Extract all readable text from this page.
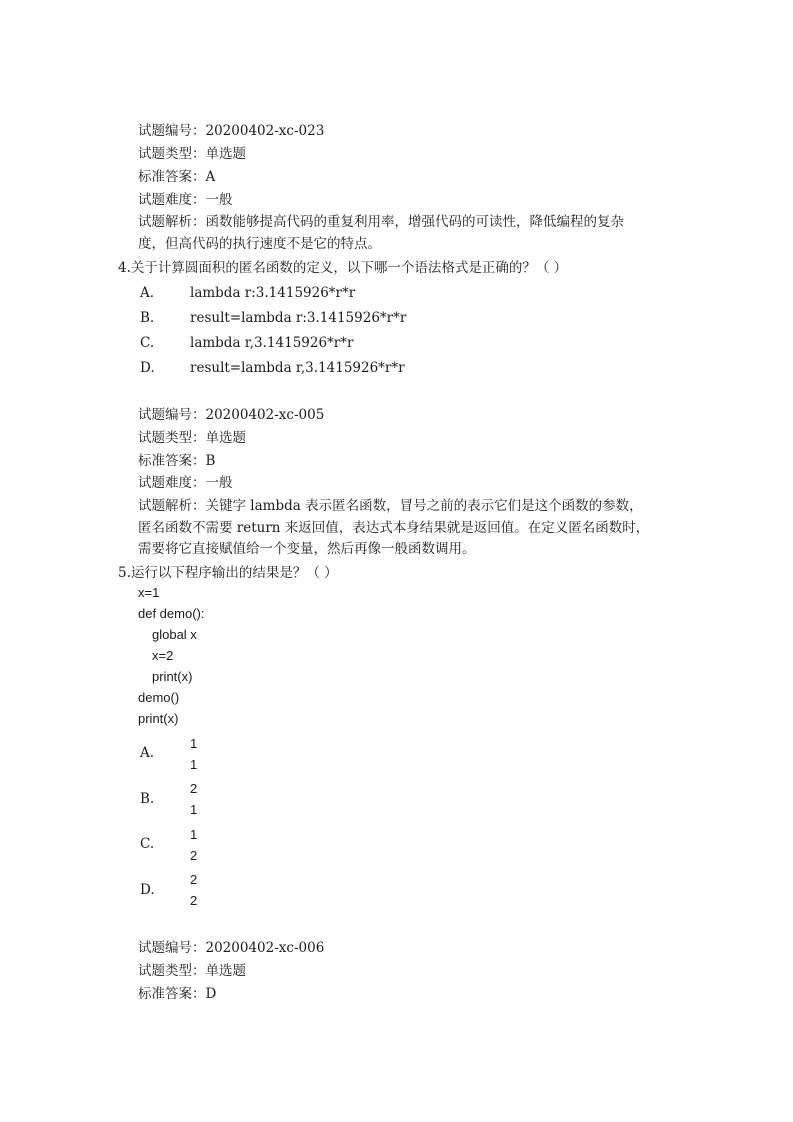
试题编号：20200402-xc-023
试题类型：单选题
标准答案：A
试题难度：一般
试题解析：函数能够提高代码的重复利用率，增强代码的可读性，降低编程的复杂
度，但高代码的执行速度不是它的特点。
4.关于计算圆面积的匿名函数的定义，以下哪一个语法格式是正确的？（ ）
A.	lambda r:3.1415926*r*r
B.	result=lambda r:3.1415926*r*r
C.	lambda r,3.1415926*r*r
D.	result=lambda r,3.1415926*r*r
试题编号：20200402-xc-005
试题类型：单选题
标准答案：B
试题难度：一般
试题解析：关键字 lambda 表示匿名函数，冒号之前的表示它们是这个函数的参数，
匿名函数不需要 return 来返回值，表达式本身结果就是返回值。在定义匿名函数时，
需要将它直接赋值给一个变量，然后再像一般函数调用。
5.运行以下程序输出的结果是？（ ）
x=1
def demo():
global x
x=2
print(x)
demo()
print(x)
A.
1
1
B.
2
1
C.
1
2
D.
2
2
试题编号：20200402-xc-006
试题类型：单选题
标准答案：D
